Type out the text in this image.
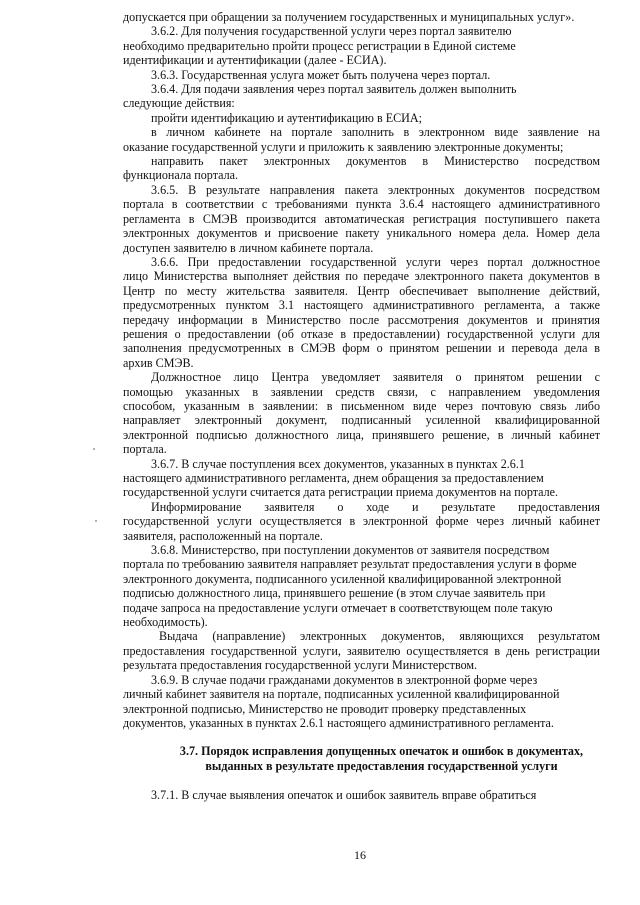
допускается при обращении за получением государственных и муниципальных услуг».
3.6.2. Для получения государственной услуги через портал заявителю
необходимо предварительно пройти процесс регистрации в Единой системе
идентификации и аутентификации (далее - ЕСИА).
3.6.3. Государственная услуга может быть получена через портал.
3.6.4. Для подачи заявления через портал заявитель должен выполнить
следующие действия:
пройти идентификацию и аутентификацию в ЕСИА;
в личном кабинете на портале заполнить в электронном виде заявление на
оказание государственной услуги и приложить к заявлению электронные документы;
направить пакет электронных документов в Министерство посредством
функционала портала.
3.6.5. В результате направления пакета электронных документов посредством
портала в соответствии с требованиями пункта 3.6.4 настоящего административного
регламента в СМЭВ производится автоматическая регистрация поступившего пакета
электронных документов и присвоение пакету уникального номера дела. Номер дела
доступен заявителю в личном кабинете портала.
3.6.6. При предоставлении государственной услуги через портал должностное
лицо Министерства выполняет действия по передаче электронного пакета документов в
Центр по месту жительства заявителя. Центр обеспечивает выполнение действий,
предусмотренных пунктом 3.1 настоящего административного регламента, а также
передачу информации в Министерство после рассмотрения документов и принятия
решения о предоставлении (об отказе в предоставлении) государственной услуги для
заполнения предусмотренных в СМЭВ форм о принятом решении и перевода дела в
архив СМЭВ.
Должностное лицо Центра уведомляет заявителя о принятом решении с
помощью указанных в заявлении средств связи, с направлением уведомления
способом, указанным в заявлении: в письменном виде через почтовую связь либо
направляет электронный документ, подписанный усиленной квалифицированной
электронной подписью должностного лица, принявшего решение, в личный кабинет
портала.
3.6.7. В случае поступления всех документов, указанных в пунктах 2.6.1
настоящего административного регламента, днем обращения за предоставлением
государственной услуги считается дата регистрации приема документов на портале.
Информирование заявителя о ходе и результате предоставления
государственной услуги осуществляется в электронной форме через личный кабинет
заявителя, расположенный на портале.
3.6.8. Министерство, при поступлении документов от заявителя посредством
портала по требованию заявителя направляет результат предоставления услуги в форме
электронного документа, подписанного усиленной квалифицированной электронной
подписью должностного лица, принявшего решение (в этом случае заявитель при
подаче запроса на предоставление услуги отмечает в соответствующем поле такую
необходимость).
Выдача (направление) электронных документов, являющихся результатом
предоставления государственной услуги, заявителю осуществляется в день регистрации
результата предоставления государственной услуги Министерством.
3.6.9. В случае подачи гражданами документов в электронной форме через
личный кабинет заявителя на портале, подписанных усиленной квалифицированной
электронной подписью, Министерство не проводит проверку представленных
документов, указанных в пунктах 2.6.1 настоящего административного регламента.
3.7. Порядок исправления допущенных опечаток и ошибок в документах,
выданных в результате предоставления государственной услуги
3.7.1. В случае выявления опечаток и ошибок заявитель вправе обратиться
16
